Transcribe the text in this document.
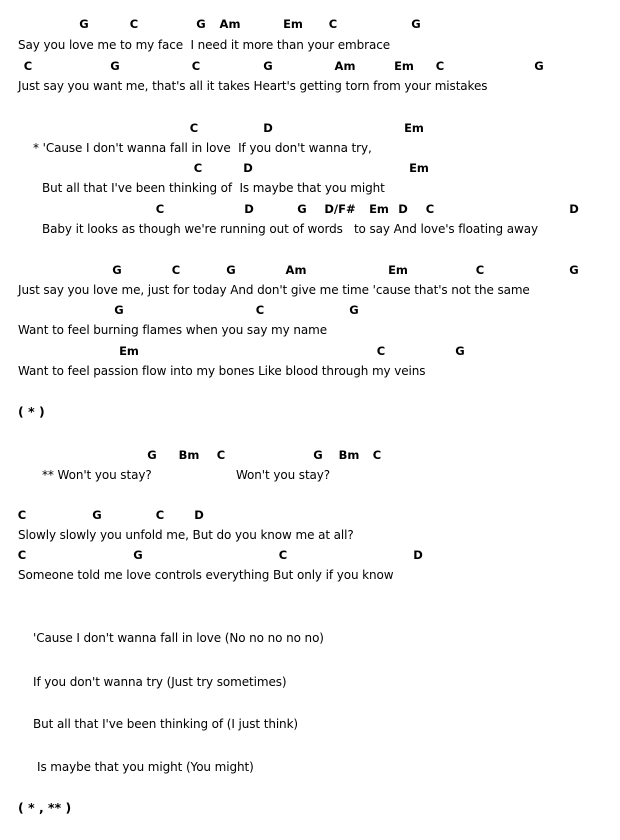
G	C	G Am	Em C	G
Say you love me to my face  I need it more than your embrace
C	G	C	G	Am	Em C	G
Just say you want me, that's all it takes Heart's getting torn from your mistakes
C	D	Em
* 'Cause I don't wanna fall in love  If you don't wanna try,
C	D	Em
But all that I've been thinking of  Is maybe that you might
C	D	G D/F# Em D C	D
Baby it looks as though we're running out of words   to say And love's floating away
G	C	G	Am	Em	C	G
Just say you love me, just for today And don't give me time 'cause that's not the same
G	C	G
Want to feel burning flames when you say my name
Em	C	G
Want to feel passion flow into my bones Like blood through my veins
( * )
G Bm C	G Bm C
** Won't you stay?	Won't you stay?
C	G	C	D
Slowly slowly you unfold me, But do you know me at all?
C	G	C	D
Someone told me love controls everything But only if you know
'Cause I don't wanna fall in love (No no no no no)
If you don't wanna try (Just try sometimes)
But all that I've been thinking of (I just think)
Is maybe that you might (You might)
( * , ** )
